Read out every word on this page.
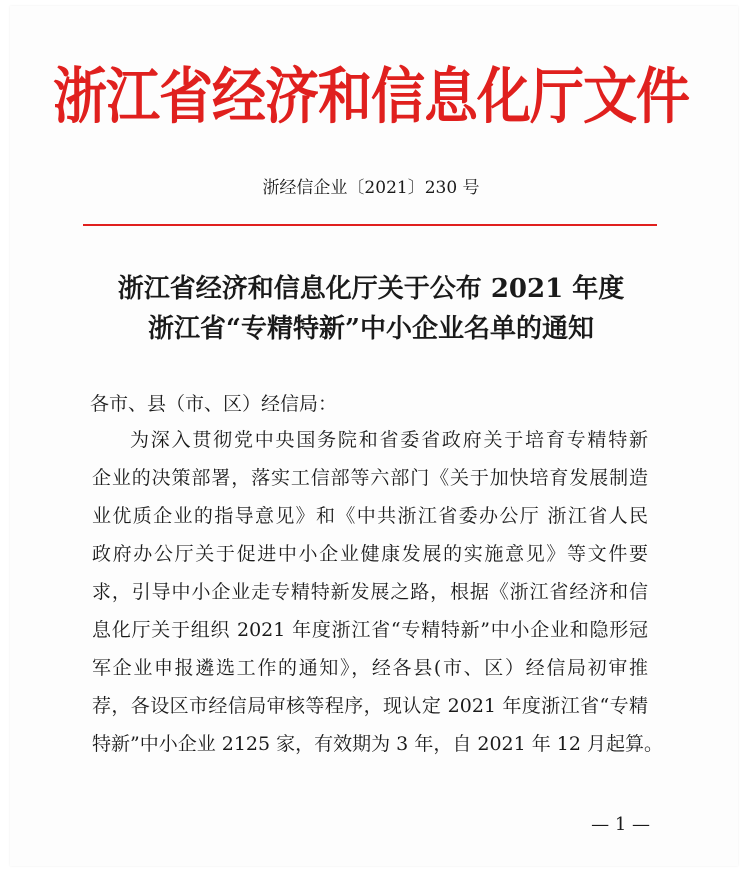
浙江省经济和信息化厅文件
浙经信企业〔2021〕230 号
浙江省经济和信息化厅关于公布 2021 年度
浙江省“专精特新”中小企业名单的通知
各市、县（市、区）经信局：
为深入贯彻党中央国务院和省委省政府关于培育专精特新
企业的决策部署，落实工信部等六部门《关于加快培育发展制造
业优质企业的指导意见》和《中共浙江省委办公厅 浙江省人民
政府办公厅关于促进中小企业健康发展的实施意见》等文件要
求，引导中小企业走专精特新发展之路，根据《浙江省经济和信
息化厅关于组织 2021 年度浙江省“专精特新”中小企业和隐形冠
军企业申报遴选工作的通知》，经各县(市、区）经信局初审推
荐，各设区市经信局审核等程序，现认定 2021 年度浙江省“专精
特新”中小企业 2125 家，有效期为 3 年，自 2021 年 12 月起算。
— 1 —
